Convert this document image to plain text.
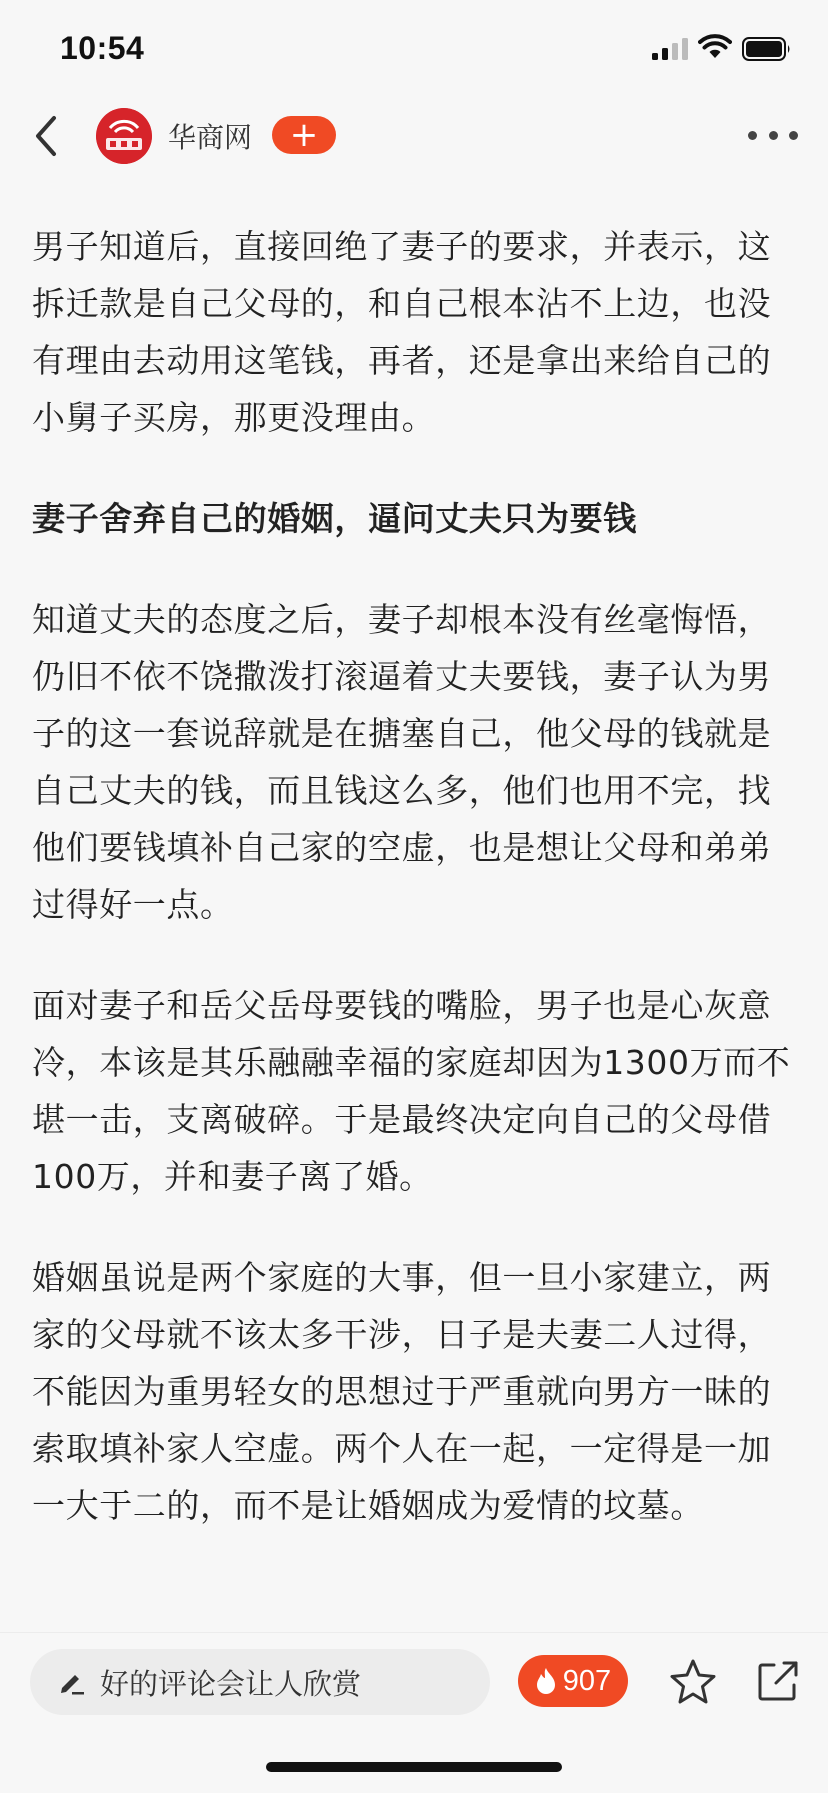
10:54
华商网	+

男子知道后，直接回绝了妻子的要求，并表示，这拆迁款是自己父母的，和自己根本沾不上边，也没有理由去动用这笔钱，再者，还是拿出来给自己的小舅子买房，那更没理由。

妻子舍弃自己的婚姻，逼问丈夫只为要钱

知道丈夫的态度之后，妻子却根本没有丝毫悔悟，仍旧不依不饶撒泼打滚逼着丈夫要钱，妻子认为男子的这一套说辞就是在搪塞自己，他父母的钱就是自己丈夫的钱，而且钱这么多，他们也用不完，找他们要钱填补自己家的空虚，也是想让父母和弟弟过得好一点。

面对妻子和岳父岳母要钱的嘴脸，男子也是心灰意冷，本该是其乐融融幸福的家庭却因为1300万而不堪一击，支离破碎。于是最终决定向自己的父母借100万，并和妻子离了婚。

婚姻虽说是两个家庭的大事，但一旦小家建立，两家的父母就不该太多干涉，日子是夫妻二人过得，不能因为重男轻女的思想过于严重就向男方一昧的索取填补家人空虚。两个人在一起，一定得是一加一大于二的，而不是让婚姻成为爱情的坟墓。

好的评论会让人欣赏	907
